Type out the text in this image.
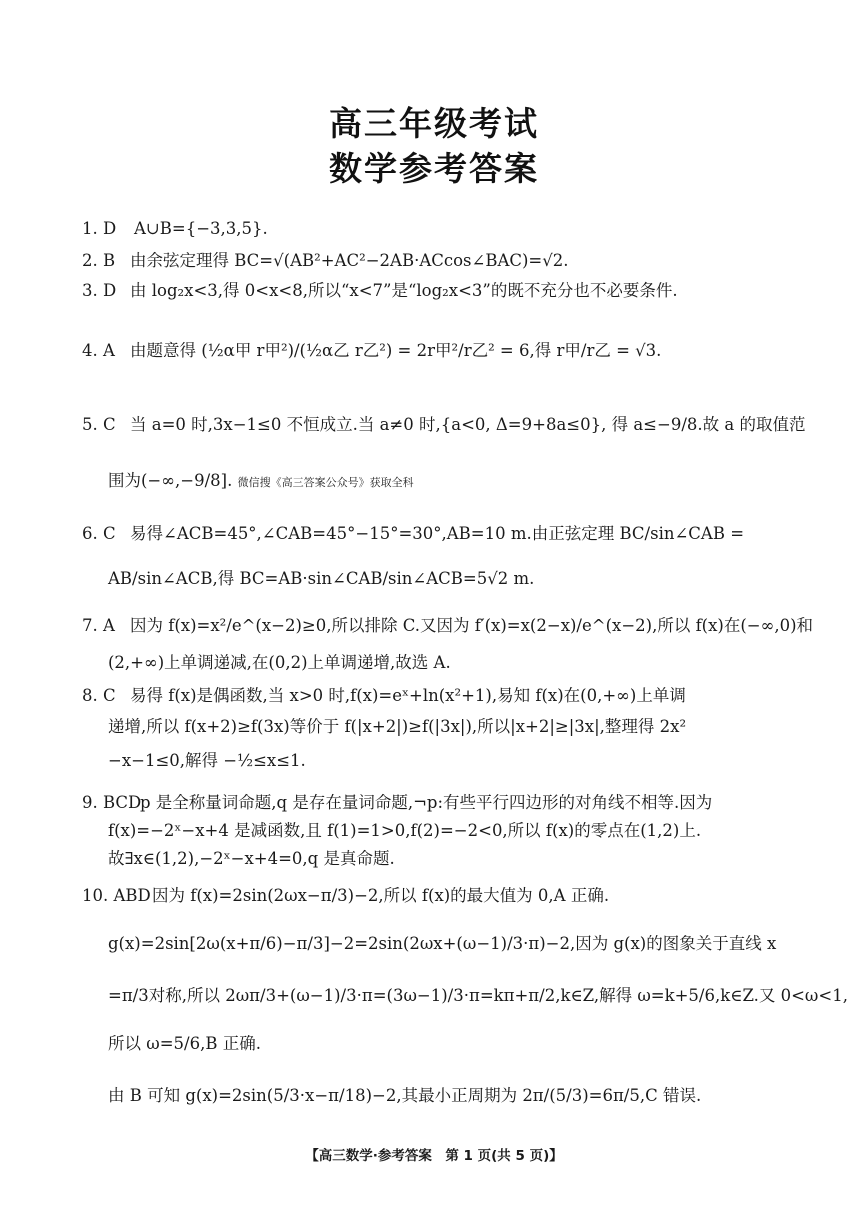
高三年级考试
数学参考答案
1. D A∪B={−3,3,5}.
2. B 由余弦定理得 BC=√(AB²+AC²−2AB·ACcos∠BAC)=√2.
3. D 由 log₂x<3,得 0<x<8,所以“x<7”是“log₂x<3”的既不充分也不必要条件.
4. A 由题意得 (½α甲 r甲²)/(½α乙 r乙²) = 2r甲²/r乙² = 6,得 r甲/r乙 = √3.
5. C 当 a=0 时,3x−1≤0 不恒成立.当 a≠0 时,{a<0, Δ=9+8a≤0}, 得 a≤−9/8.故 a 的取值范
围为(−∞,−9/8]. 微信搜《高三答案公众号》获取全科
6. C 易得∠ACB=45°,∠CAB=45°−15°=30°,AB=10 m.由正弦定理 BC/sin∠CAB =
AB/sin∠ACB,得 BC=AB·sin∠CAB/sin∠ACB=5√2 m.
7. A 因为 f(x)=x²/e^(x−2)≥0,所以排除 C.又因为 f′(x)=x(2−x)/e^(x−2),所以 f(x)在(−∞,0)和
(2,+∞)上单调递减,在(0,2)上单调递增,故选 A.
8. C 易得 f(x)是偶函数,当 x>0 时,f(x)=eˣ+ln(x²+1),易知 f(x)在(0,+∞)上单调
递增,所以 f(x+2)≥f(3x)等价于 f(|x+2|)≥f(|3x|),所以|x+2|≥|3x|,整理得 2x²
−x−1≤0,解得 −½≤x≤1.
9. BCD
p 是全称量词命题,q 是存在量词命题,¬p:有些平行四边形的对角线不相等.因为
f(x)=−2ˣ−x+4 是减函数,且 f(1)=1>0,f(2)=−2<0,所以 f(x)的零点在(1,2)上.
故∃x∈(1,2),−2ˣ−x+4=0,q 是真命题.
10. ABD 因为 f(x)=2sin(2ωx−π/3)−2,所以 f(x)的最大值为 0,A 正确.
g(x)=2sin[2ω(x+π/6)−π/3]−2=2sin(2ωx+(ω−1)/3·π)−2,因为 g(x)的图象关于直线 x
=π/3对称,所以 2ωπ/3+(ω−1)/3·π=(3ω−1)/3·π=kπ+π/2,k∈Z,解得 ω=k+5/6,k∈Z.又 0<ω<1,
所以 ω=5/6,B 正确.
由 B 可知 g(x)=2sin(5/3·x−π/18)−2,其最小正周期为 2π/(5/3)=6π/5,C 错误.
【高三数学·参考答案　第 1 页(共 5 页)】
